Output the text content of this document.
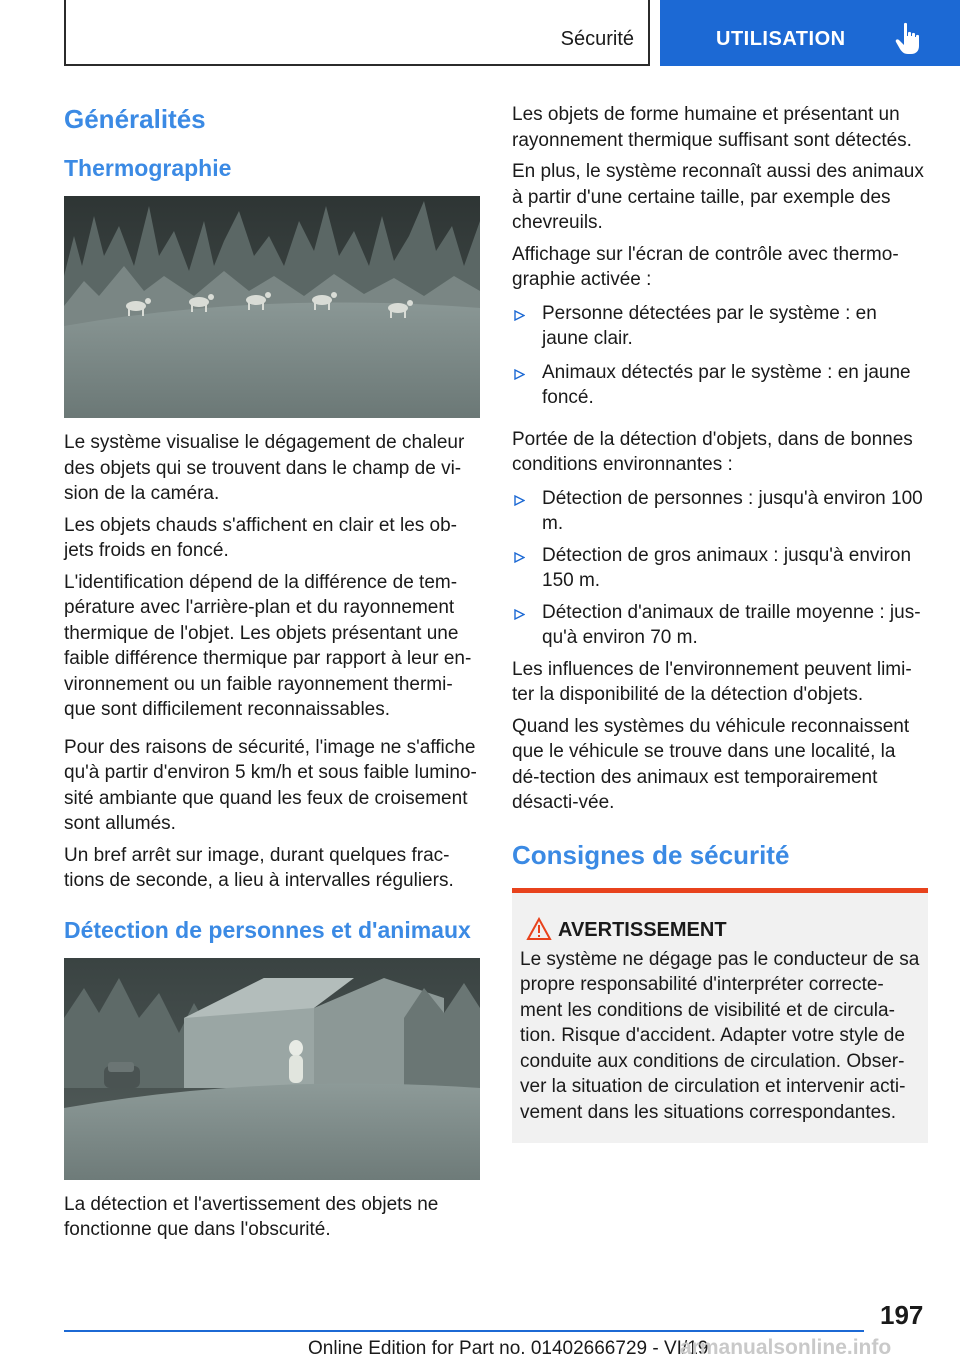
Sécurité	UTILISATION
Généralités
Thermographie

Le système visualise le dégagement de chaleur des objets qui se trouvent dans le champ de vi-sion de la caméra.

Les objets chauds s'affichent en clair et les ob-jets froids en foncé.

L'identification dépend de la différence de tem-pérature avec l'arrière-plan et du rayonnement thermique de l'objet. Les objets présentant une faible différence thermique par rapport à leur en-vironnement ou un faible rayonnement thermi-que sont difficilement reconnaissables.

Pour des raisons de sécurité, l'image ne s'affiche qu'à partir d'environ 5 km/h et sous faible lumino-sité ambiante que quand les feux de croisement sont allumés.

Un bref arrêt sur image, durant quelques frac-tions de seconde, a lieu à intervalles réguliers.

Détection de personnes et d'animaux

La détection et l'avertissement des objets ne fonctionne que dans l'obscurité.

Les objets de forme humaine et présentant un rayonnement thermique suffisant sont détectés.

En plus, le système reconnaît aussi des animaux à partir d'une certaine taille, par exemple des chevreuils.

Affichage sur l'écran de contrôle avec thermo-graphie activée :

Personne détectées par le système : en jaune clair.
Animaux détectés par le système : en jaune foncé.

Portée de la détection d'objets, dans de bonnes conditions environnantes :

Détection de personnes : jusqu'à environ 100 m.
Détection de gros animaux : jusqu'à environ 150 m.
Détection d'animaux de traille moyenne : jus-qu'à environ 70 m.

Les influences de l'environnement peuvent limi-ter la disponibilité de la détection d'objets.

Quand les systèmes du véhicule reconnaissent que le véhicule se trouve dans une localité, la dé-tection des animaux est temporairement désacti-vée.

Consignes de sécurité
AVERTISSEMENT

Le système ne dégage pas le conducteur de sa propre responsabilité d'interpréter correcte-ment les conditions de visibilité et de circula-tion. Risque d'accident. Adapter votre style de conduite aux conditions de circulation. Obser-ver la situation de circulation et intervenir acti-vement dans les situations correspondantes.

197
Online Edition for Part no. 01402666729 - VI/19
armanualsonline.info
